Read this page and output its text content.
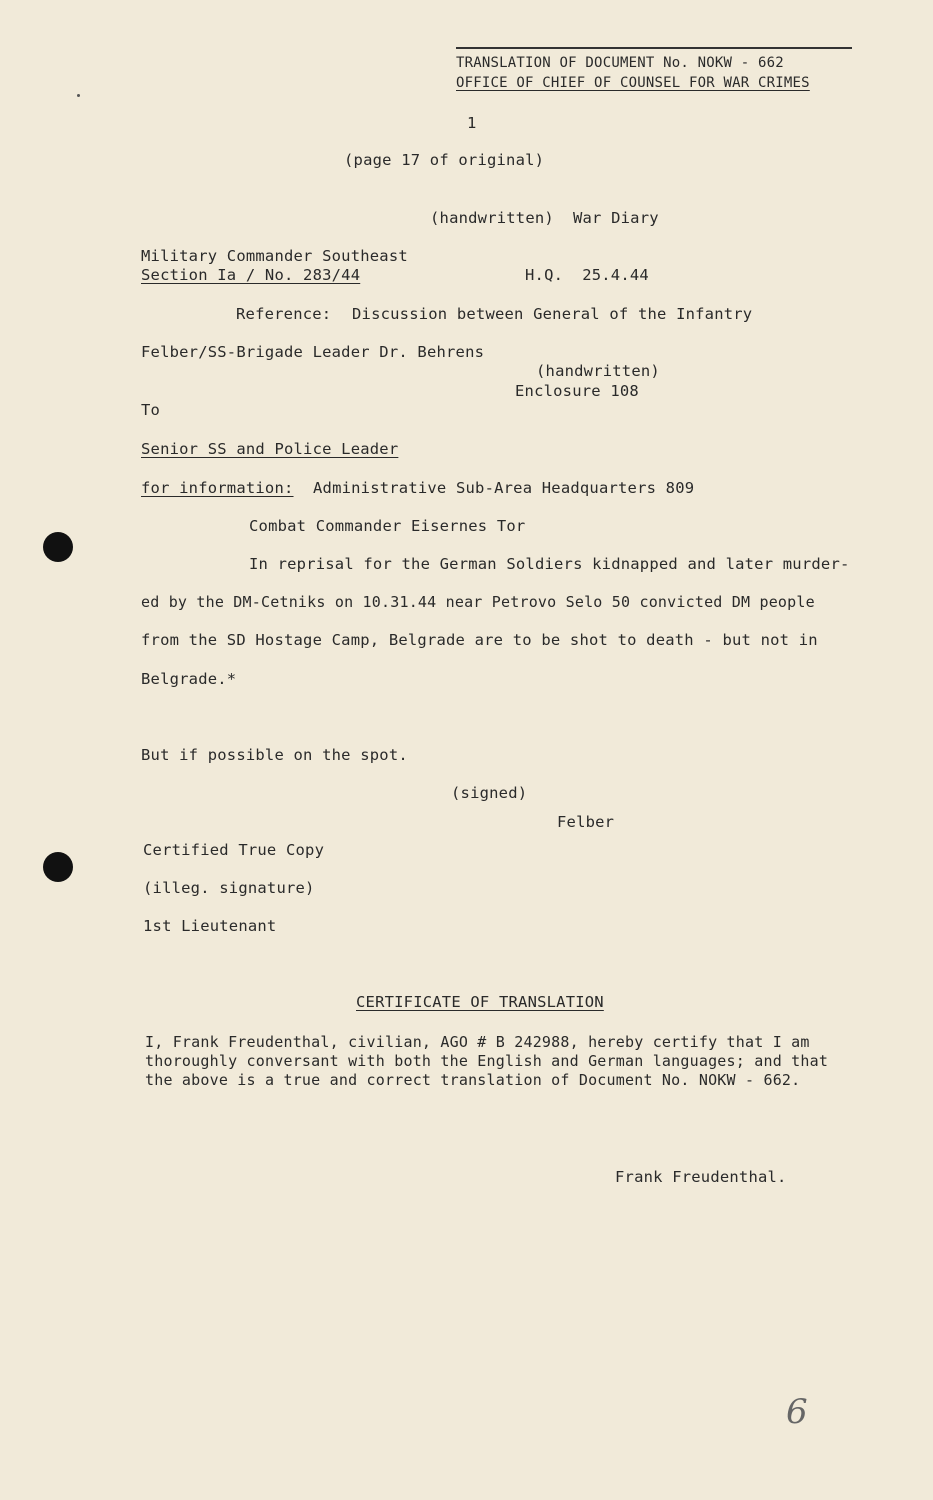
TRANSLATION OF DOCUMENT No. NOKW - 662
OFFICE OF CHIEF OF COUNSEL FOR WAR CRIMES
1
(page 17 of original)
(handwritten)  War Diary
Military Commander Southeast
Section Ia / No. 283/44	H.Q.  25.4.44
Reference: Discussion between General of the Infantry
Felber/SS-Brigade Leader Dr. Behrens
(handwritten)
Enclosure 108
To
Senior SS and Police Leader
for information: Administrative Sub-Area Headquarters 809
Combat Commander Eisernes Tor
In reprisal for the German Soldiers kidnapped and later murder-
ed by the DM-Cetniks on 10.31.44 near Petrovo Selo 50 convicted DM people
from the SD Hostage Camp, Belgrade are to be shot to death - but not in
Belgrade.*
But if possible on the spot.
(signed)
Felber
Certified True Copy
(illeg. signature)
1st Lieutenant
CERTIFICATE OF TRANSLATION
I, Frank Freudenthal, civilian, AGO # B 242988, hereby certify that I am
thoroughly conversant with both the English and German languages; and that
the above is a true and correct translation of Document No. NOKW - 662.
Frank Freudenthal.
6
